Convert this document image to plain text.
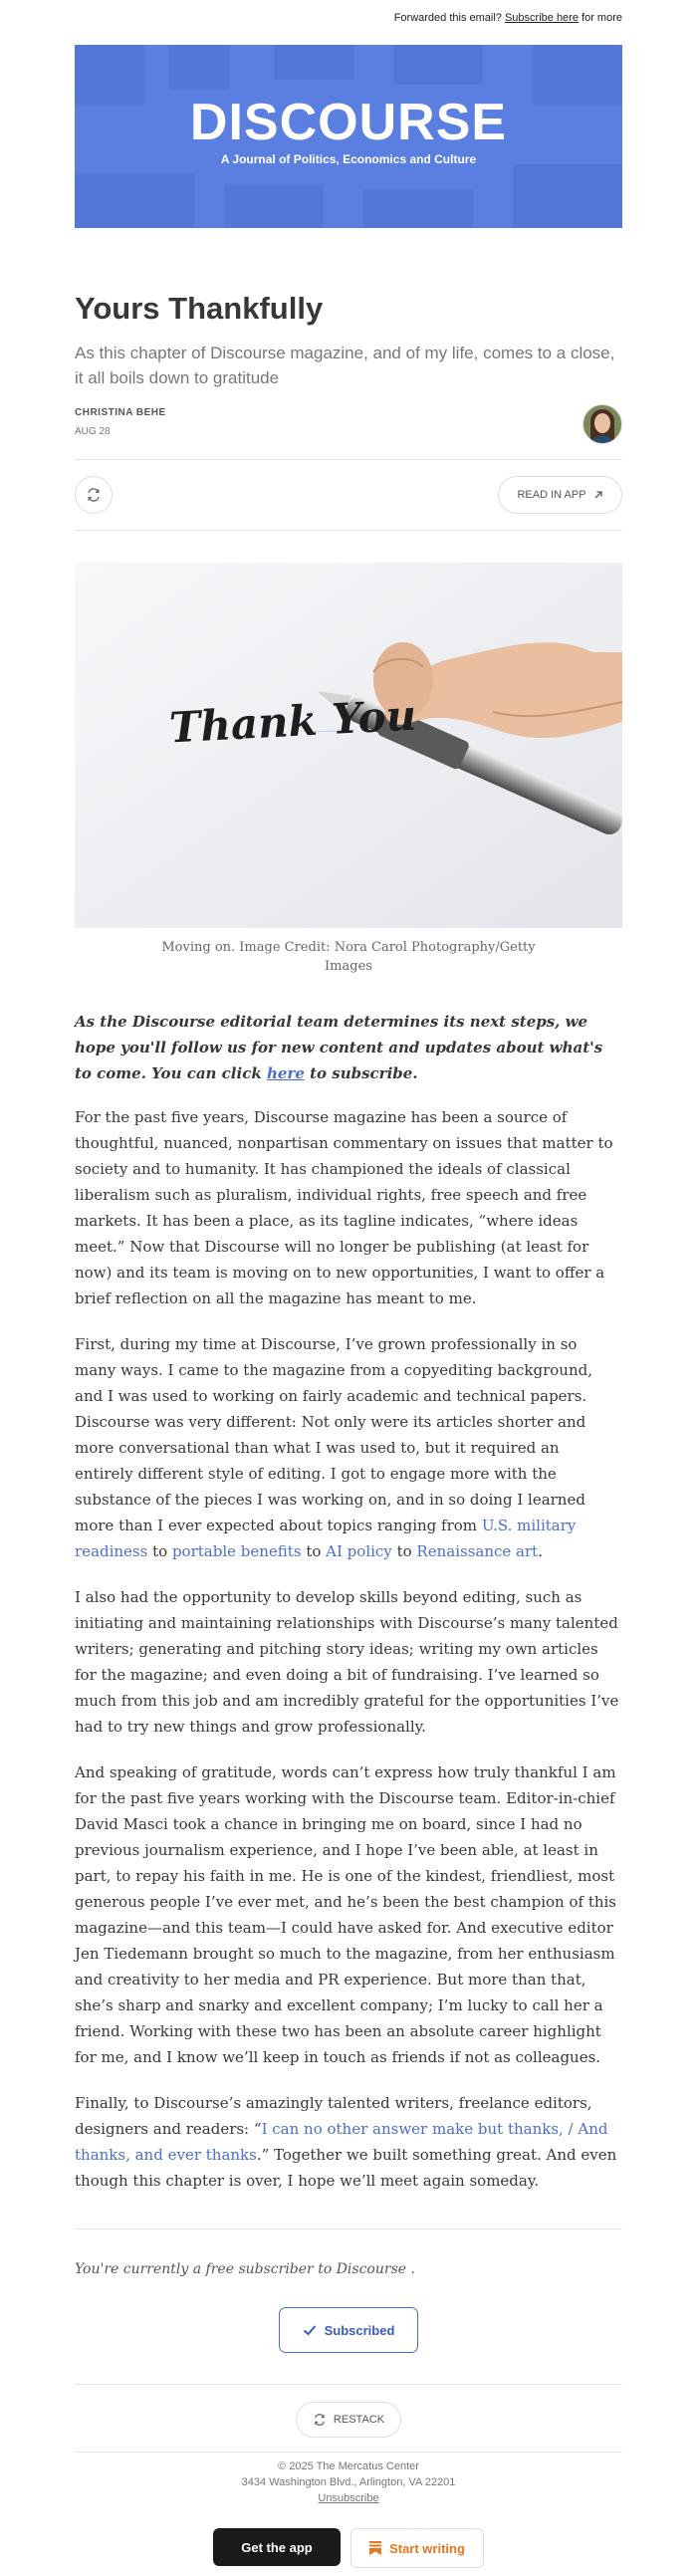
Forwarded this email? Subscribe here for more
DISCOURSE
A Journal of Politics, Economics and Culture
Yours Thankfully

As this chapter of Discourse magazine, and of my life, comes to a close, it all boils down to gratitude

CHRISTINA BEHE
AUG 28
READ IN APP
Thank You
Moving on. Image Credit: Nora Carol Photography/Getty Images

As the Discourse editorial team determines its next steps, we hope you'll follow us for new content and updates about what's to come. You can click here to subscribe.

For the past five years, Discourse magazine has been a source of thoughtful, nuanced, nonpartisan commentary on issues that matter to society and to humanity. It has championed the ideals of classical liberalism such as pluralism, individual rights, free speech and free markets. It has been a place, as its tagline indicates, “where ideas meet.” Now that Discourse will no longer be publishing (at least for now) and its team is moving on to new opportunities, I want to offer a brief reflection on all the magazine has meant to me.

First, during my time at Discourse, I’ve grown professionally in so many ways. I came to the magazine from a copyediting background, and I was used to working on fairly academic and technical papers. Discourse was very different: Not only were its articles shorter and more conversational than what I was used to, but it required an entirely different style of editing. I got to engage more with the substance of the pieces I was working on, and in so doing I learned more than I ever expected about topics ranging from U.S. military readiness to portable benefits to AI policy to Renaissance art.

I also had the opportunity to develop skills beyond editing, such as initiating and maintaining relationships with Discourse’s many talented writers; generating and pitching story ideas; writing my own articles for the magazine; and even doing a bit of fundraising. I’ve learned so much from this job and am incredibly grateful for the opportunities I’ve had to try new things and grow professionally.

And speaking of gratitude, words can’t express how truly thankful I am for the past five years working with the Discourse team. Editor-in-chief David Masci took a chance in bringing me on board, since I had no previous journalism experience, and I hope I’ve been able, at least in part, to repay his faith in me. He is one of the kindest, friendliest, most generous people I’ve ever met, and he’s been the best champion of this magazine—and this team—I could have asked for. And executive editor Jen Tiedemann brought so much to the magazine, from her enthusiasm and creativity to her media and PR experience. But more than that, she’s sharp and snarky and excellent company; I’m lucky to call her a friend. Working with these two has been an absolute career highlight for me, and I know we’ll keep in touch as friends if not as colleagues.

Finally, to Discourse’s amazingly talented writers, freelance editors, designers and readers: “I can no other answer make but thanks, / And thanks, and ever thanks.” Together we built something great. And even though this chapter is over, I hope we’ll meet again someday.

You're currently a free subscriber to Discourse .
Subscribed
RESTACK
© 2025 The Mercatus Center
3434 Washington Blvd., Arlington, VA 22201
Unsubscribe
Get the app	Start writing
